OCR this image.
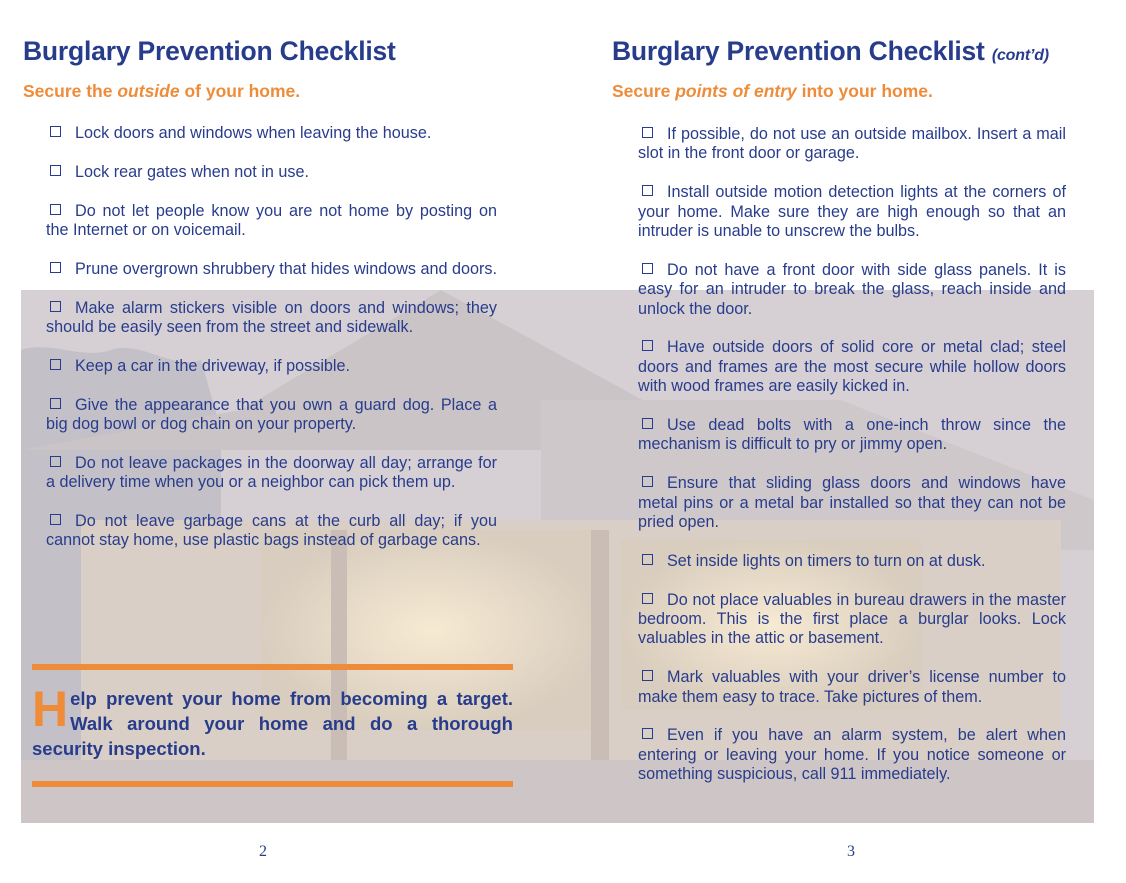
Burglary Prevention Checklist
Secure the outside of your home.
Lock doors and windows when leaving the house.
Lock rear gates when not in use.
Do not let people know you are not home by posting on the Internet or on voicemail.
Prune overgrown shrubbery that hides windows and doors.
Make alarm stickers visible on doors and windows; they should be easily seen from the street and sidewalk.
Keep a car in the driveway, if possible.
Give the appearance that you own a guard dog. Place a big dog bowl or dog chain on your property.
Do not leave packages in the doorway all day; arrange for a delivery time when you or a neighbor can pick them up.
Do not leave garbage cans at the curb all day; if you cannot stay home, use plastic bags instead of garbage cans.

Help prevent your home from becoming a target. Walk around your home and do a thorough security inspection.

Burglary Prevention Checklist (cont’d)
Secure points of entry into your home.
If possible, do not use an outside mailbox. Insert a mail slot in the front door or garage.
Install outside motion detection lights at the corners of your home. Make sure they are high enough so that an intruder is unable to unscrew the bulbs.
Do not have a front door with side glass panels. It is easy for an intruder to break the glass, reach inside and unlock the door.
Have outside doors of solid core or metal clad; steel doors and frames are the most secure while hollow doors with wood frames are easily kicked in.
Use dead bolts with a one-inch throw since the mechanism is difficult to pry or jimmy open.
Ensure that sliding glass doors and windows have metal pins or a metal bar installed so that they can not be pried open.
Set inside lights on timers to turn on at dusk.
Do not place valuables in bureau drawers in the master bedroom. This is the first place a burglar looks. Lock valuables in the attic or basement.
Mark valuables with your driver’s license number to make them easy to trace. Take pictures of them.
Even if you have an alarm system, be alert when entering or leaving your home. If you notice someone or something suspicious, call 911 immediately.
2	3
